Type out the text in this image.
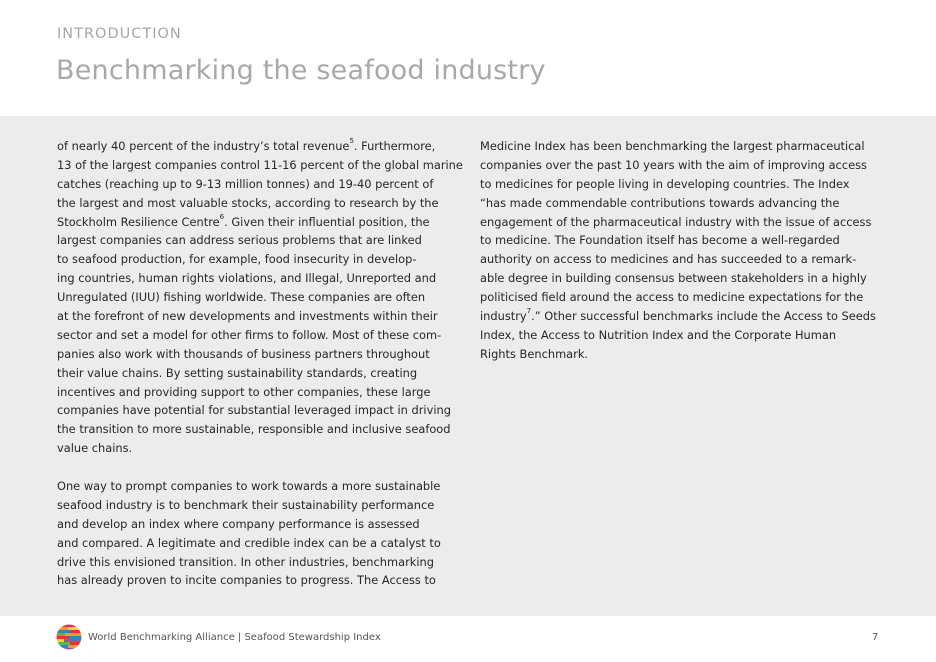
INTRODUCTION
Benchmarking the seafood industry
of nearly 40 percent of the industry’s total revenue$^5$. Furthermore,
13 of the largest companies control 11-16 percent of the global marine
catches (reaching up to 9-13 million tonnes) and 19-40 percent of
the largest and most valuable stocks, according to research by the
Stockholm Resilience Centre$^6$. Given their influential position, the
largest companies can address serious problems that are linked
to seafood production, for example, food insecurity in develop-
ing countries, human rights violations, and Illegal, Unreported and
Unregulated (IUU) fishing worldwide. These companies are often
at the forefront of new developments and investments within their
sector and set a model for other firms to follow. Most of these com-
panies also work with thousands of business partners throughout
their value chains. By setting sustainability standards, creating
incentives and providing support to other companies, these large
companies have potential for substantial leveraged impact in driving
the transition to more sustainable, responsible and inclusive seafood
value chains.
One way to prompt companies to work towards a more sustainable
seafood industry is to benchmark their sustainability performance
and develop an index where company performance is assessed
and compared. A legitimate and credible index can be a catalyst to
drive this envisioned transition. In other industries, benchmarking
has already proven to incite companies to progress. The Access to
Medicine Index has been benchmarking the largest pharmaceutical
companies over the past 10 years with the aim of improving access
to medicines for people living in developing countries. The Index
“has made commendable contributions towards advancing the
engagement of the pharmaceutical industry with the issue of access
to medicine. The Foundation itself has become a well-regarded
authority on access to medicines and has succeeded to a remark-
able degree in building consensus between stakeholders in a highly
politicised field around the access to medicine expectations for the
industry$^7$.” Other successful benchmarks include the Access to Seeds
Index, the Access to Nutrition Index and the Corporate Human
Rights Benchmark.
World Benchmarking Alliance | Seafood Stewardship Index	7
